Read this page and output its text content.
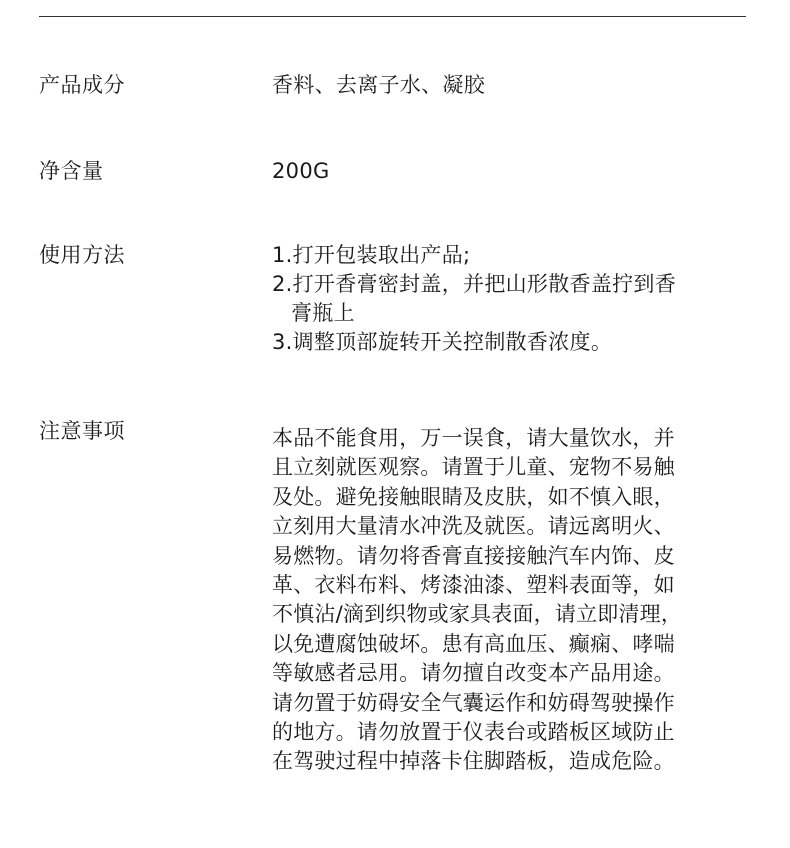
产品成分	香料、去离子水、凝胶
净含量	200G
使用方法	1.打开包装取出产品;
2.打开香膏密封盖，并把山形散香盖拧到香
膏瓶上
3.调整顶部旋转开关控制散香浓度。
注意事项	本品不能食用，万一误食，请大量饮水，并
且立刻就医观察。请置于儿童、宠物不易触
及处。避免接触眼睛及皮肤，如不慎入眼，
立刻用大量清水冲洗及就医。请远离明火、
易燃物。请勿将香膏直接接触汽车内饰、皮
革、衣料布料、烤漆油漆、塑料表面等，如
不慎沾/滴到织物或家具表面，请立即清理，
以免遭腐蚀破坏。患有高血压、癫痫、哮喘
等敏感者忌用。请勿擅自改变本产品用途。
请勿置于妨碍安全气囊运作和妨碍驾驶操作
的地方。请勿放置于仪表台或踏板区域防止
在驾驶过程中掉落卡住脚踏板，造成危险。
